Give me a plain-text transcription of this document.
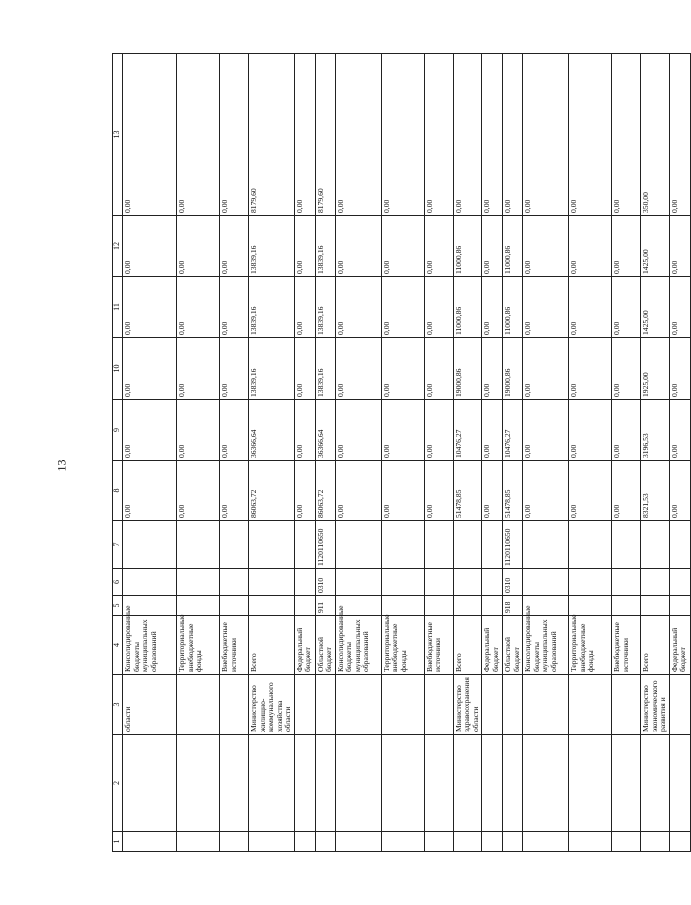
13
1	2	3	4	5	6	7	8	9	10	11	12	13
		области	Консолидированные бюджеты муниципальных образований				0,00	0,00	0,00	0,00	0,00	0,00
			Территориальные внебюджетные фонды				0,00	0,00	0,00	0,00	0,00	0,00
			Внебюджетные источники				0,00	0,00	0,00	0,00	0,00	0,00
		Министерство жилищно-коммунального хозяйства области	Всего				86063,72	36366,64	13839,16	13839,16	13839,16	8179,60
			Федеральный бюджет				0,00	0,00	0,00	0,00	0,00	0,00
			Областной бюджет	911	0310	1120110650	86063,72	36366,64	13839,16	13839,16	13839,16	8179,60
			Консолидированные бюджеты муниципальных образований				0,00	0,00	0,00	0,00	0,00	0,00
			Территориальные внебюджетные фонды				0,00	0,00	0,00	0,00	0,00	0,00
			Внебюджетные источники				0,00	0,00	0,00	0,00	0,00	0,00
		Министерство здравоохранения области	Всего				51478,85	10476,27	19000,86	11000,86	11000,86	0,00
			Федеральный бюджет				0,00	0,00	0,00	0,00	0,00	0,00
			Областной бюджет	918	0310	1120110650	51478,85	10476,27	19000,86	11000,86	11000,86	0,00
			Консолидированные бюджеты муниципальных образований				0,00	0,00	0,00	0,00	0,00	0,00
			Территориальные внебюджетные фонды				0,00	0,00	0,00	0,00	0,00	0,00
			Внебюджетные источники				0,00	0,00	0,00	0,00	0,00	0,00
		Министерство экономического развития и	Всего				8321,53	3196,53	1925,00	1425,00	1425,00	350,00
			Федеральный бюджет				0,00	0,00	0,00	0,00	0,00	0,00
